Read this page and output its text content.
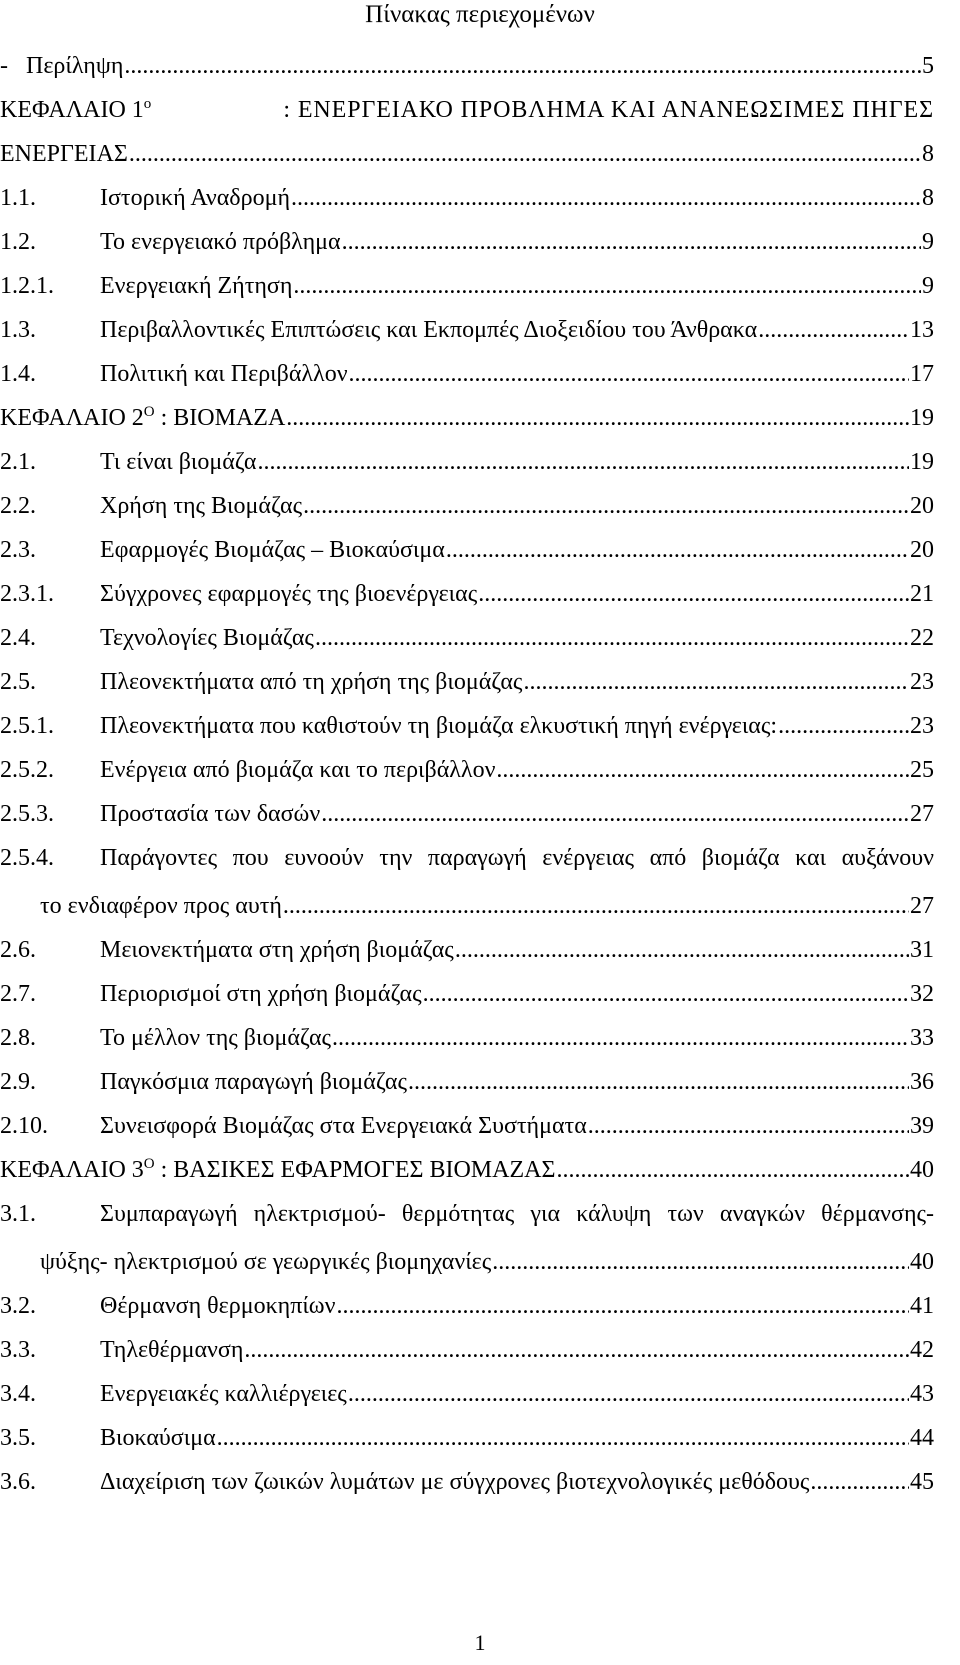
Πίνακας περιεχομένων
- Περίληψη .....	5
ΚΕΦΑΛΑΙΟ $1^o$	: ΕΝΕΡΓΕΙΑΚΟ ΠΡΟΒΛΗΜΑ ΚΑΙ ΑΝΑΝΕΩΣΙΜΕΣ ΠΗΓΕΣ
ΕΝΕΡΓΕΙΑΣ .....	8
1.1.	Ιστορική Αναδρομή .....	8
1.2.	Το ενεργειακό πρόβλημα .....	9
1.2.1. Ενεργειακή Ζήτηση .....	9
1.3.	Περιβαλλοντικές Επιπτώσεις και Εκπομπές Διοξειδίου του Άνθρακα .....	13
1.4.	Πολιτική και Περιβάλλον .....	17
ΚΕΦΑΛΑΙΟ $2^O$ : ΒΙΟΜΑΖΑ .....	19
2.1.	Τι είναι βιομάζα .....	19
2.2.	Χρήση της Βιομάζας .....	20
2.3.	Εφαρμογές Βιομάζας – Βιοκαύσιμα .....	20
2.3.1. Σύγχρονες εφαρμογές της βιοενέργειας .....	21
2.4.	Τεχνολογίες Βιομάζας .....	22
2.5.	Πλεονεκτήματα από τη χρήση της βιομάζας .....	23
2.5.1. Πλεονεκτήματα που καθιστούν τη βιομάζα ελκυστική πηγή ενέργειας: .....	23
2.5.2. Ενέργεια από βιομάζα και το περιβάλλον .....	25
2.5.3. Προστασία των δασών .....	27
2.5.4. Παράγοντες που ευνοούν την παραγωγή ενέργειας από βιομάζα και αυξάνουν
το ενδιαφέρον προς αυτή .....	27
2.6.	Μειονεκτήματα στη χρήση βιομάζας .....	31
2.7.	Περιορισμοί στη χρήση βιομάζας .....	32
2.8.	Το μέλλον της βιομάζας .....	33
2.9.	Παγκόσμια παραγωγή βιομάζας .....	36
2.10. Συνεισφορά Βιομάζας στα Ενεργειακά Συστήματα .....	39
ΚΕΦΑΛΑΙΟ $3^O$ : ΒΑΣΙΚΕΣ ΕΦΑΡΜΟΓΕΣ ΒΙΟΜΑΖΑΣ .....	40
3.1.	Συμπαραγωγή ηλεκτρισμού- θερμότητας για κάλυψη των αναγκών θέρμανσης-
ψύξης- ηλεκτρισμού σε γεωργικές βιομηχανίες .....	40
3.2.	Θέρμανση θερμοκηπίων .....	41
3.3.	Τηλεθέρμανση .....	42
3.4.	Ενεργειακές καλλιέργειες .....	43
3.5.	Βιοκαύσιμα .....	44
3.6.	Διαχείριση των ζωικών λυμάτων με σύγχρονες βιοτεχνολογικές μεθόδους .....	45
1
